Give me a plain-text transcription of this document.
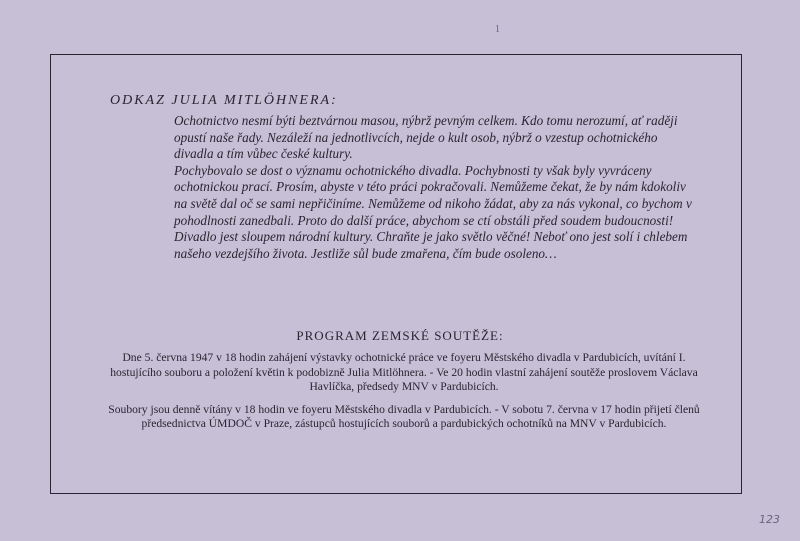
1
ODKAZ JULIA MITLÖHNERA:

Ochotnictvo nesmí býti beztvárnou masou, nýbrž pevným celkem. Kdo tomu nerozumí, ať raději opustí naše řady. Nezáleží na jednotlivcích, nejde o kult osob, nýbrž o vzestup ochotnického divadla a tím vůbec české kultury.

Pochybovalo se dost o významu ochotnického divadla. Pochybnosti ty však byly vyvráceny ochotnickou prací. Prosím, abyste v této práci pokračovali. Nemůžeme čekat, že by nám kdokoliv na světě dal oč se sami nepřičiníme. Nemůžeme od nikoho žádat, aby za nás vykonal, co bychom v pohodlnosti zanedbali. Proto do další práce, abychom se ctí obstáli před soudem budoucnosti!

Divadlo jest sloupem národní kultury. Chraňte je jako světlo věčné! Neboť ono jest solí i chlebem našeho vezdejšího života. Jestliže sůl bude zmařena, čím bude osoleno…

PROGRAM ZEMSKÉ SOUTĚŽE:

Dne 5. června 1947 v 18 hodin zahájení výstavky ochotnické práce ve foyeru Městského divadla v Pardubicích, uvítání I. hostujícího souboru a položení květin k podobizně Julia Mitlöhnera. - Ve 20 hodin vlastní zahájení soutěže proslovem Václava Havlíčka, předsedy MNV v Pardubicích.

Soubory jsou denně vítány v 18 hodin ve foyeru Městského divadla v Pardubicích. - V sobotu 7. června v 17 hodin přijetí členů předsednictva ÚMDOČ v Praze, zástupců hostujících souborů a pardubických ochotníků na MNV v Pardubicích.

123
